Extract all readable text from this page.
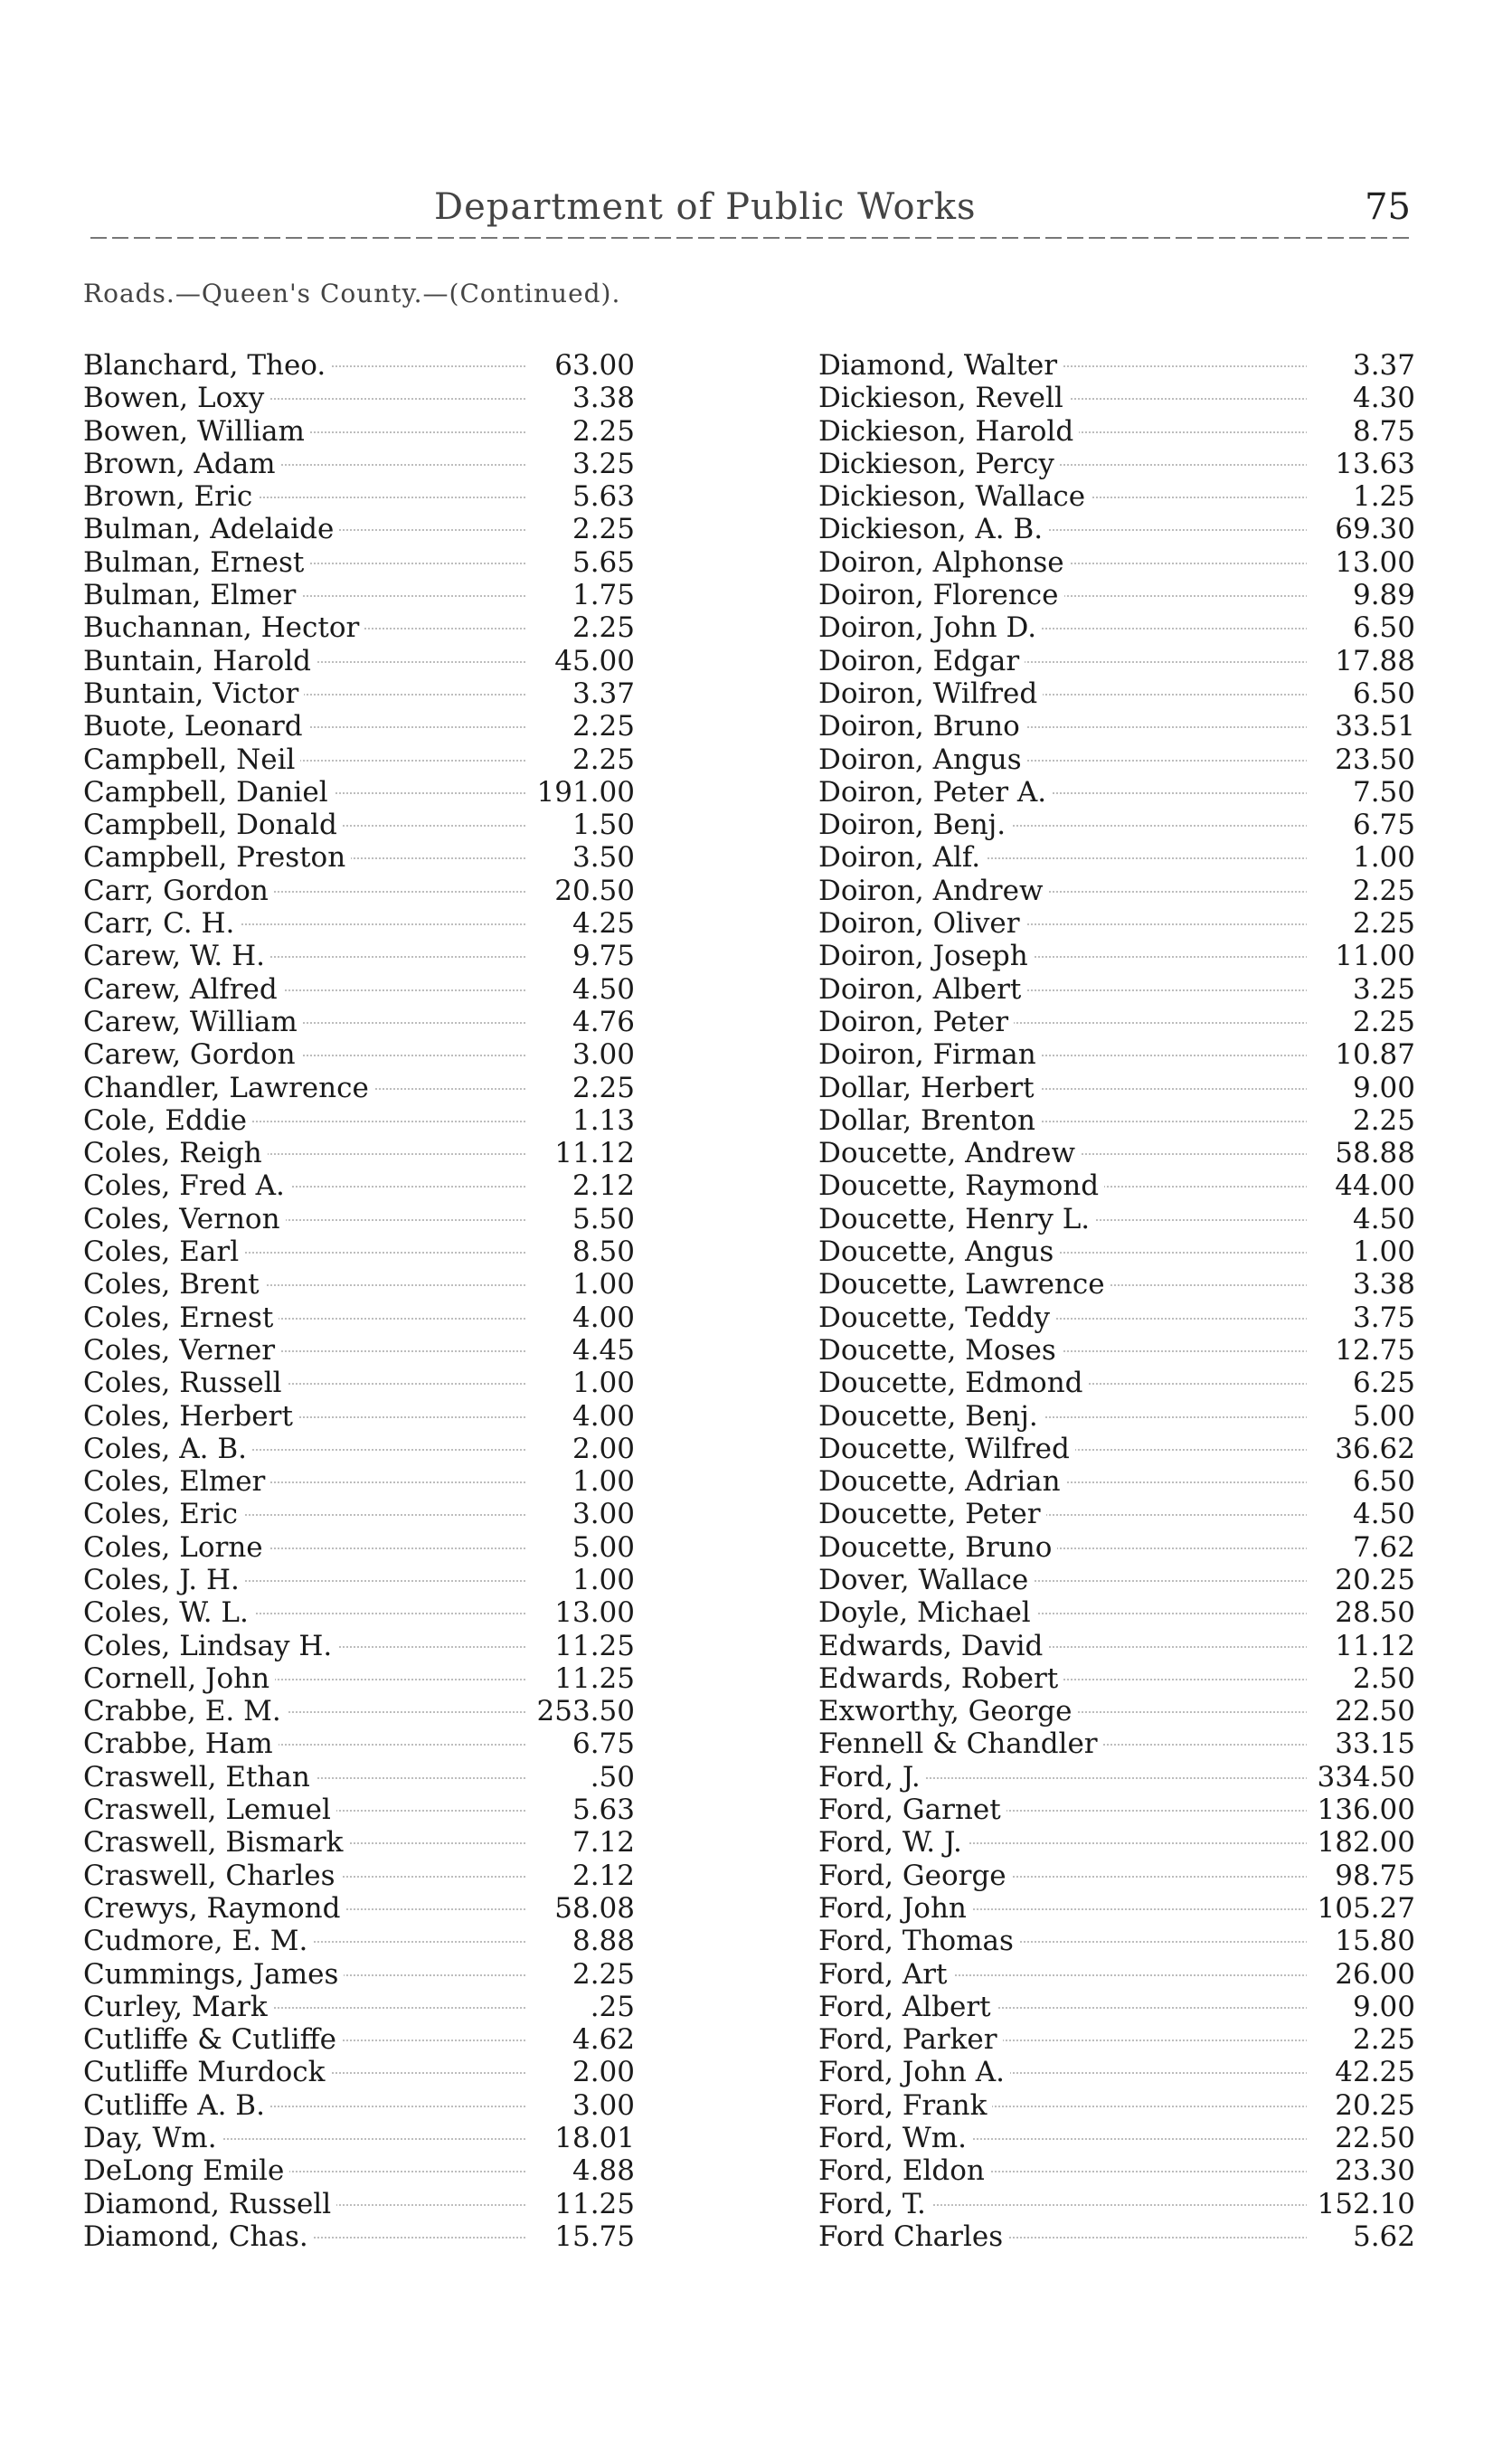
Department of Public Works	75
Roads.—Queen's County.—(Continued).
Blanchard, Theo.	63.00
Bowen, Loxy	3.38
Bowen, William	2.25
Brown, Adam	3.25
Brown, Eric	5.63
Bulman, Adelaide	2.25
Bulman, Ernest	5.65
Bulman, Elmer	1.75
Buchannan, Hector	2.25
Buntain, Harold	45.00
Buntain, Victor	3.37
Buote, Leonard	2.25
Campbell, Neil	2.25
Campbell, Daniel	191.00
Campbell, Donald	1.50
Campbell, Preston	3.50
Carr, Gordon	20.50
Carr, C. H.	4.25
Carew, W. H.	9.75
Carew, Alfred	4.50
Carew, William	4.76
Carew, Gordon	3.00
Chandler, Lawrence	2.25
Cole, Eddie	1.13
Coles, Reigh	11.12
Coles, Fred A.	2.12
Coles, Vernon	5.50
Coles, Earl	8.50
Coles, Brent	1.00
Coles, Ernest	4.00
Coles, Verner	4.45
Coles, Russell	1.00
Coles, Herbert	4.00
Coles, A. B.	2.00
Coles, Elmer	1.00
Coles, Eric	3.00
Coles, Lorne	5.00
Coles, J. H.	1.00
Coles, W. L.	13.00
Coles, Lindsay H.	11.25
Cornell, John	11.25
Crabbe, E. M.	253.50
Crabbe, Ham	6.75
Craswell, Ethan	.50
Craswell, Lemuel	5.63
Craswell, Bismark	7.12
Craswell, Charles	2.12
Crewys, Raymond	58.08
Cudmore, E. M.	8.88
Cummings, James	2.25
Curley, Mark	.25
Cutliffe & Cutliffe	4.62
Cutliffe Murdock	2.00
Cutliffe A. B.	3.00
Day, Wm.	18.01
DeLong Emile	4.88
Diamond, Russell	11.25
Diamond, Chas.	15.75
Diamond, Walter	3.37
Dickieson, Revell	4.30
Dickieson, Harold	8.75
Dickieson, Percy	13.63
Dickieson, Wallace	1.25
Dickieson, A. B.	69.30
Doiron, Alphonse	13.00
Doiron, Florence	9.89
Doiron, John D.	6.50
Doiron, Edgar	17.88
Doiron, Wilfred	6.50
Doiron, Bruno	33.51
Doiron, Angus	23.50
Doiron, Peter A.	7.50
Doiron, Benj.	6.75
Doiron, Alf.	1.00
Doiron, Andrew	2.25
Doiron, Oliver	2.25
Doiron, Joseph	11.00
Doiron, Albert	3.25
Doiron, Peter	2.25
Doiron, Firman	10.87
Dollar, Herbert	9.00
Dollar, Brenton	2.25
Doucette, Andrew	58.88
Doucette, Raymond	44.00
Doucette, Henry L.	4.50
Doucette, Angus	1.00
Doucette, Lawrence	3.38
Doucette, Teddy	3.75
Doucette, Moses	12.75
Doucette, Edmond	6.25
Doucette, Benj.	5.00
Doucette, Wilfred	36.62
Doucette, Adrian	6.50
Doucette, Peter	4.50
Doucette, Bruno	7.62
Dover, Wallace	20.25
Doyle, Michael	28.50
Edwards, David	11.12
Edwards, Robert	2.50
Exworthy, George	22.50
Fennell & Chandler	33.15
Ford, J.	334.50
Ford, Garnet	136.00
Ford, W. J.	182.00
Ford, George	98.75
Ford, John	105.27
Ford, Thomas	15.80
Ford, Art	26.00
Ford, Albert	9.00
Ford, Parker	2.25
Ford, John A.	42.25
Ford, Frank	20.25
Ford, Wm.	22.50
Ford, Eldon	23.30
Ford, T.	152.10
Ford Charles	5.62
